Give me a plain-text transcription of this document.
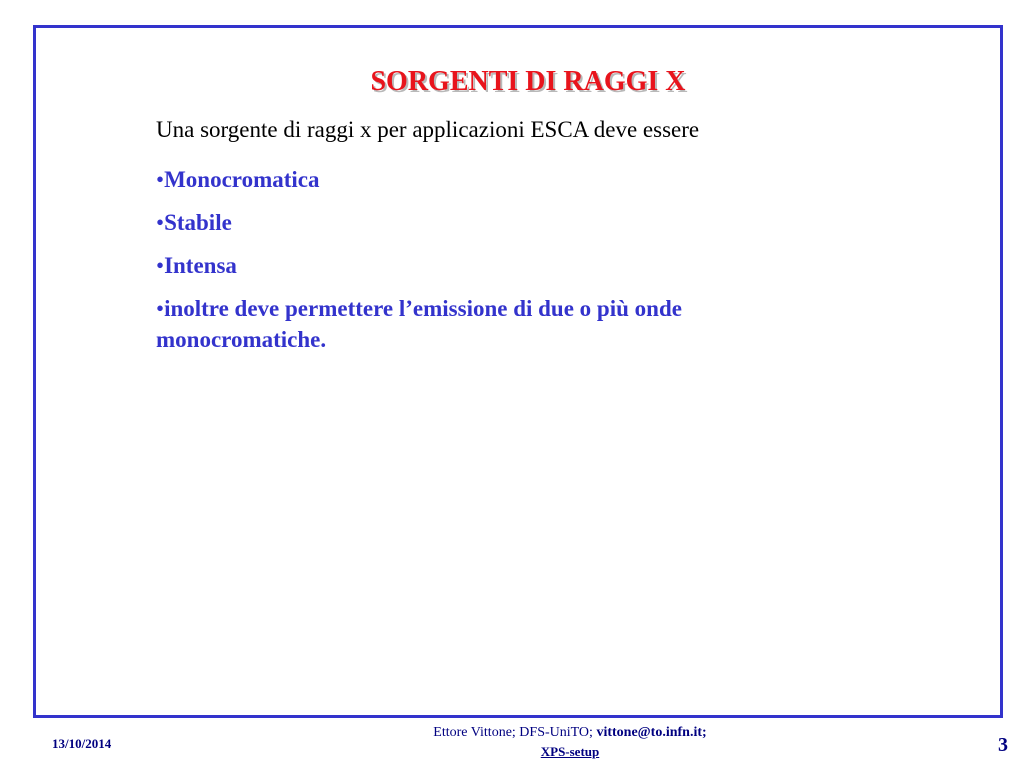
SORGENTI DI RAGGI X

Una sorgente di raggi x per applicazioni ESCA deve essere

•Monocromatica

•Stabile

•Intensa

•inoltre deve permettere l’emissione di due o più onde monocromatiche.

13/10/2014
Ettore Vittone; DFS-UniTO; vittone@to.infn.it;
XPS-setup	3
